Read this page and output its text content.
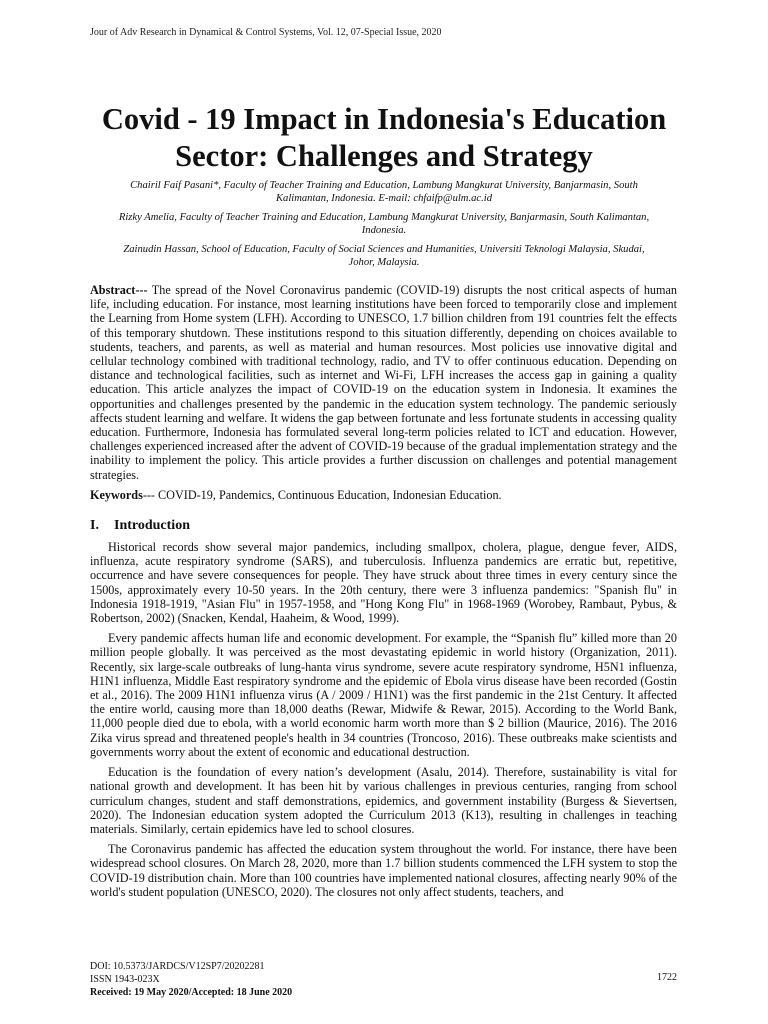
Jour of Adv Research in Dynamical & Control Systems, Vol. 12, 07-Special Issue, 2020
Covid - 19 Impact in Indonesia's Education
Sector: Challenges and Strategy

Chairil Faif Pasani*, Faculty of Teacher Training and Education, Lambung Mangkurat University, Banjarmasin, South Kalimantan, Indonesia. E-mail: chfaifp@ulm.ac.id

Rizky Amelia, Faculty of Teacher Training and Education, Lambung Mangkurat University, Banjarmasin, South Kalimantan, Indonesia.

Zainudin Hassan, School of Education, Faculty of Social Sciences and Humanities, Universiti Teknologi Malaysia, Skudai, Johor, Malaysia.

Abstract--- The spread of the Novel Coronavirus pandemic (COVID-19) disrupts the nost critical aspects of human life, including education. For instance, most learning institutions have been forced to temporarily close and implement the Learning from Home system (LFH). According to UNESCO, 1.7 billion children from 191 countries felt the effects of this temporary shutdown. These institutions respond to this situation differently, depending on choices available to students, teachers, and parents, as well as material and human resources. Most policies use innovative digital and cellular technology combined with traditional technology, radio, and TV to offer continuous education. Depending on distance and technological facilities, such as internet and Wi-Fi, LFH increases the access gap in gaining a quality education. This article analyzes the impact of COVID-19 on the education system in Indonesia. It examines the opportunities and challenges presented by the pandemic in the education system technology. The pandemic seriously affects student learning and welfare. It widens the gap between fortunate and less fortunate students in accessing quality education. Furthermore, Indonesia has formulated several long-term policies related to ICT and education. However, challenges experienced increased after the advent of COVID-19 because of the gradual implementation strategy and the inability to implement the policy. This article provides a further discussion on challenges and potential management strategies.

Keywords--- COVID-19, Pandemics, Continuous Education, Indonesian Education.

I. Introduction

Historical records show several major pandemics, including smallpox, cholera, plague, dengue fever, AIDS, influenza, acute respiratory syndrome (SARS), and tuberculosis. Influenza pandemics are erratic but, repetitive, occurrence and have severe consequences for people. They have struck about three times in every century since the 1500s, approximately every 10-50 years. In the 20th century, there were 3 influenza pandemics: "Spanish flu" in Indonesia 1918-1919, "Asian Flu" in 1957-1958, and "Hong Kong Flu" in 1968-1969 (Worobey, Rambaut, Pybus, & Robertson, 2002) (Snacken, Kendal, Haaheim, & Wood, 1999).

Every pandemic affects human life and economic development. For example, the “Spanish flu” killed more than 20 million people globally. It was perceived as the most devastating epidemic in world history (Organization, 2011). Recently, six large-scale outbreaks of lung-hanta virus syndrome, severe acute respiratory syndrome, H5N1 influenza, H1N1 influenza, Middle East respiratory syndrome and the epidemic of Ebola virus disease have been recorded (Gostin et al., 2016). The 2009 H1N1 influenza virus (A / 2009 / H1N1) was the first pandemic in the 21st Century. It affected the entire world, causing more than 18,000 deaths (Rewar, Midwife & Rewar, 2015). According to the World Bank, 11,000 people died due to ebola, with a world economic harm worth more than $ 2 billion (Maurice, 2016). The 2016 Zika virus spread and threatened people's health in 34 countries (Troncoso, 2016). These outbreaks make scientists and governments worry about the extent of economic and educational destruction.

Education is the foundation of every nation’s development (Asalu, 2014). Therefore, sustainability is vital for national growth and development. It has been hit by various challenges in previous centuries, ranging from school curriculum changes, student and staff demonstrations, epidemics, and government instability (Burgess & Sievertsen, 2020). The Indonesian education system adopted the Curriculum 2013 (K13), resulting in challenges in teaching materials. Similarly, certain epidemics have led to school closures.

The Coronavirus pandemic has affected the education system throughout the world. For instance, there have been widespread school closures. On March 28, 2020, more than 1.7 billion students commenced the LFH system to stop the COVID-19 distribution chain. More than 100 countries have implemented national closures, affecting nearly 90% of the world's student population (UNESCO, 2020). The closures not only affect students, teachers, and

DOI: 10.5373/JARDCS/V12SP7/20202281
ISSN 1943-023X
Received: 19 May 2020/Accepted: 18 June 2020
1722
